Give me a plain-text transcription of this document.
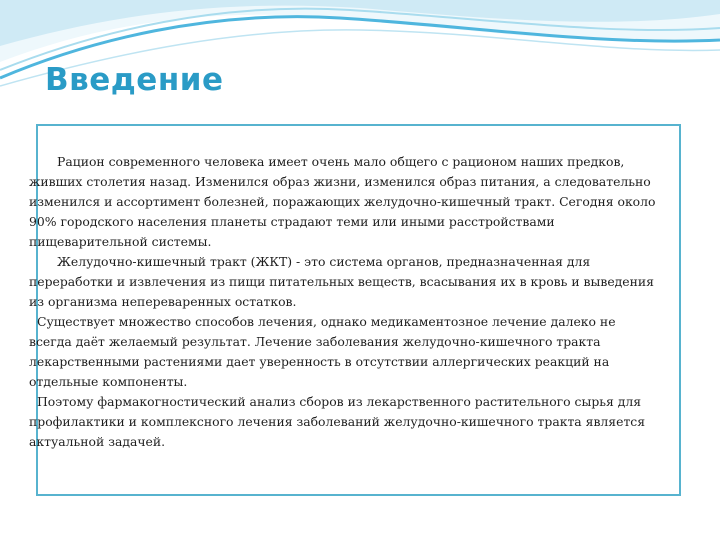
Введение

Рацион современного человека имеет очень мало общего с рационом наших предков, живших столетия назад. Изменился образ жизни, изменился образ питания, а следовательно изменился и ассортимент болезней, поражающих желудочно-кишечный тракт. Сегодня около 90% городского населения планеты страдают теми или иными расстройствами пищеварительной системы.

Желудочно-кишечный тракт (ЖКТ) - это система органов, предназначенная для переработки и извлечения из пищи питательных веществ, всасывания их в кровь и выведения из организма непереваренных остатков.

Существует множество способов лечения, однако медикаментозное лечение далеко не всегда даёт желаемый результат. Лечение заболевания желудочно-кишечного тракта лекарственными растениями дает уверенность в отсутствии аллергических реакций на отдельные компоненты.

Поэтому фармакогностический анализ сборов из лекарственного растительного сырья для профилактики и комплексного лечения заболеваний желудочно-кишечного тракта является актуальной задачей.
